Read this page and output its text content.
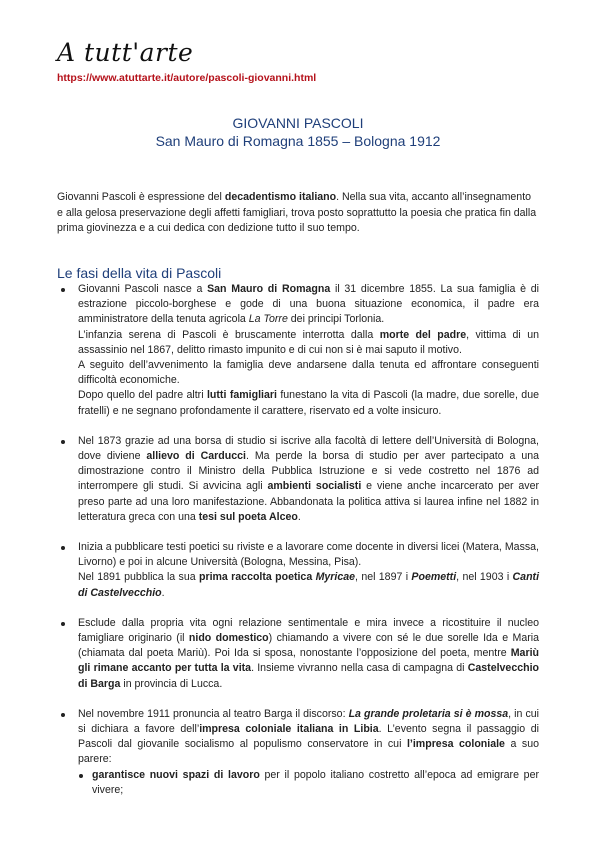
A tutt'arte
https://www.atuttarte.it/autore/pascoli-giovanni.html
GIOVANNI PASCOLI
San Mauro di Romagna 1855 – Bologna 1912

Giovanni Pascoli è espressione del decadentismo italiano. Nella sua vita, accanto all’insegnamento e alla gelosa preservazione degli affetti famigliari, trova posto soprattutto la poesia che pratica fin dalla prima giovinezza e a cui dedica con dedizione tutto il suo tempo.

Le fasi della vita di Pascoli

Giovanni Pascoli nasce a San Mauro di Romagna il 31 dicembre 1855. La sua famiglia è di estrazione piccolo-borghese e gode di una buona situazione economica, il padre era amministratore della tenuta agricola La Torre dei principi Torlonia.

L’infanzia serena di Pascoli è bruscamente interrotta dalla morte del padre, vittima di un assassinio nel 1867, delitto rimasto impunito e di cui non si è mai saputo il motivo.

A seguito dell’avvenimento la famiglia deve andarsene dalla tenuta ed affrontare conseguenti difficoltà economiche.

Dopo quello del padre altri lutti famigliari funestano la vita di Pascoli (la madre, due sorelle, due fratelli) e ne segnano profondamente il carattere, riservato ed a volte insicuro.

Nel 1873 grazie ad una borsa di studio si iscrive alla facoltà di lettere dell’Università di Bologna, dove diviene allievo di Carducci. Ma perde la borsa di studio per aver partecipato a una dimostrazione contro il Ministro della Pubblica Istruzione e si vede costretto nel 1876 ad interrompere gli studi. Si avvicina agli ambienti socialisti e viene anche incarcerato per aver preso parte ad una loro manifestazione. Abbandonata la politica attiva si laurea infine nel 1882 in letteratura greca con una tesi sul poeta Alceo.

Inizia a pubblicare testi poetici su riviste e a lavorare come docente in diversi licei (Matera, Massa, Livorno) e poi in alcune Università (Bologna, Messina, Pisa).

Nel 1891 pubblica la sua prima raccolta poetica Myricae, nel 1897 i Poemetti, nel 1903 i Canti di Castelvecchio.

Esclude dalla propria vita ogni relazione sentimentale e mira invece a ricostituire il nucleo famigliare originario (il nido domestico) chiamando a vivere con sé le due sorelle Ida e Maria (chiamata dal poeta Mariù). Poi Ida si sposa, nonostante l’opposizione del poeta, mentre Mariù gli rimane accanto per tutta la vita. Insieme vivranno nella casa di campagna di Castelvecchio di Barga in provincia di Lucca.

Nel novembre 1911 pronuncia al teatro Barga il discorso: La grande proletaria si è mossa, in cui si dichiara a favore dell’impresa coloniale italiana in Libia. L’evento segna il passaggio di Pascoli dal giovanile socialismo al populismo conservatore in cui l’impresa coloniale a suo parere:

garantisce nuovi spazi di lavoro per il popolo italiano costretto all’epoca ad emigrare per vivere;
